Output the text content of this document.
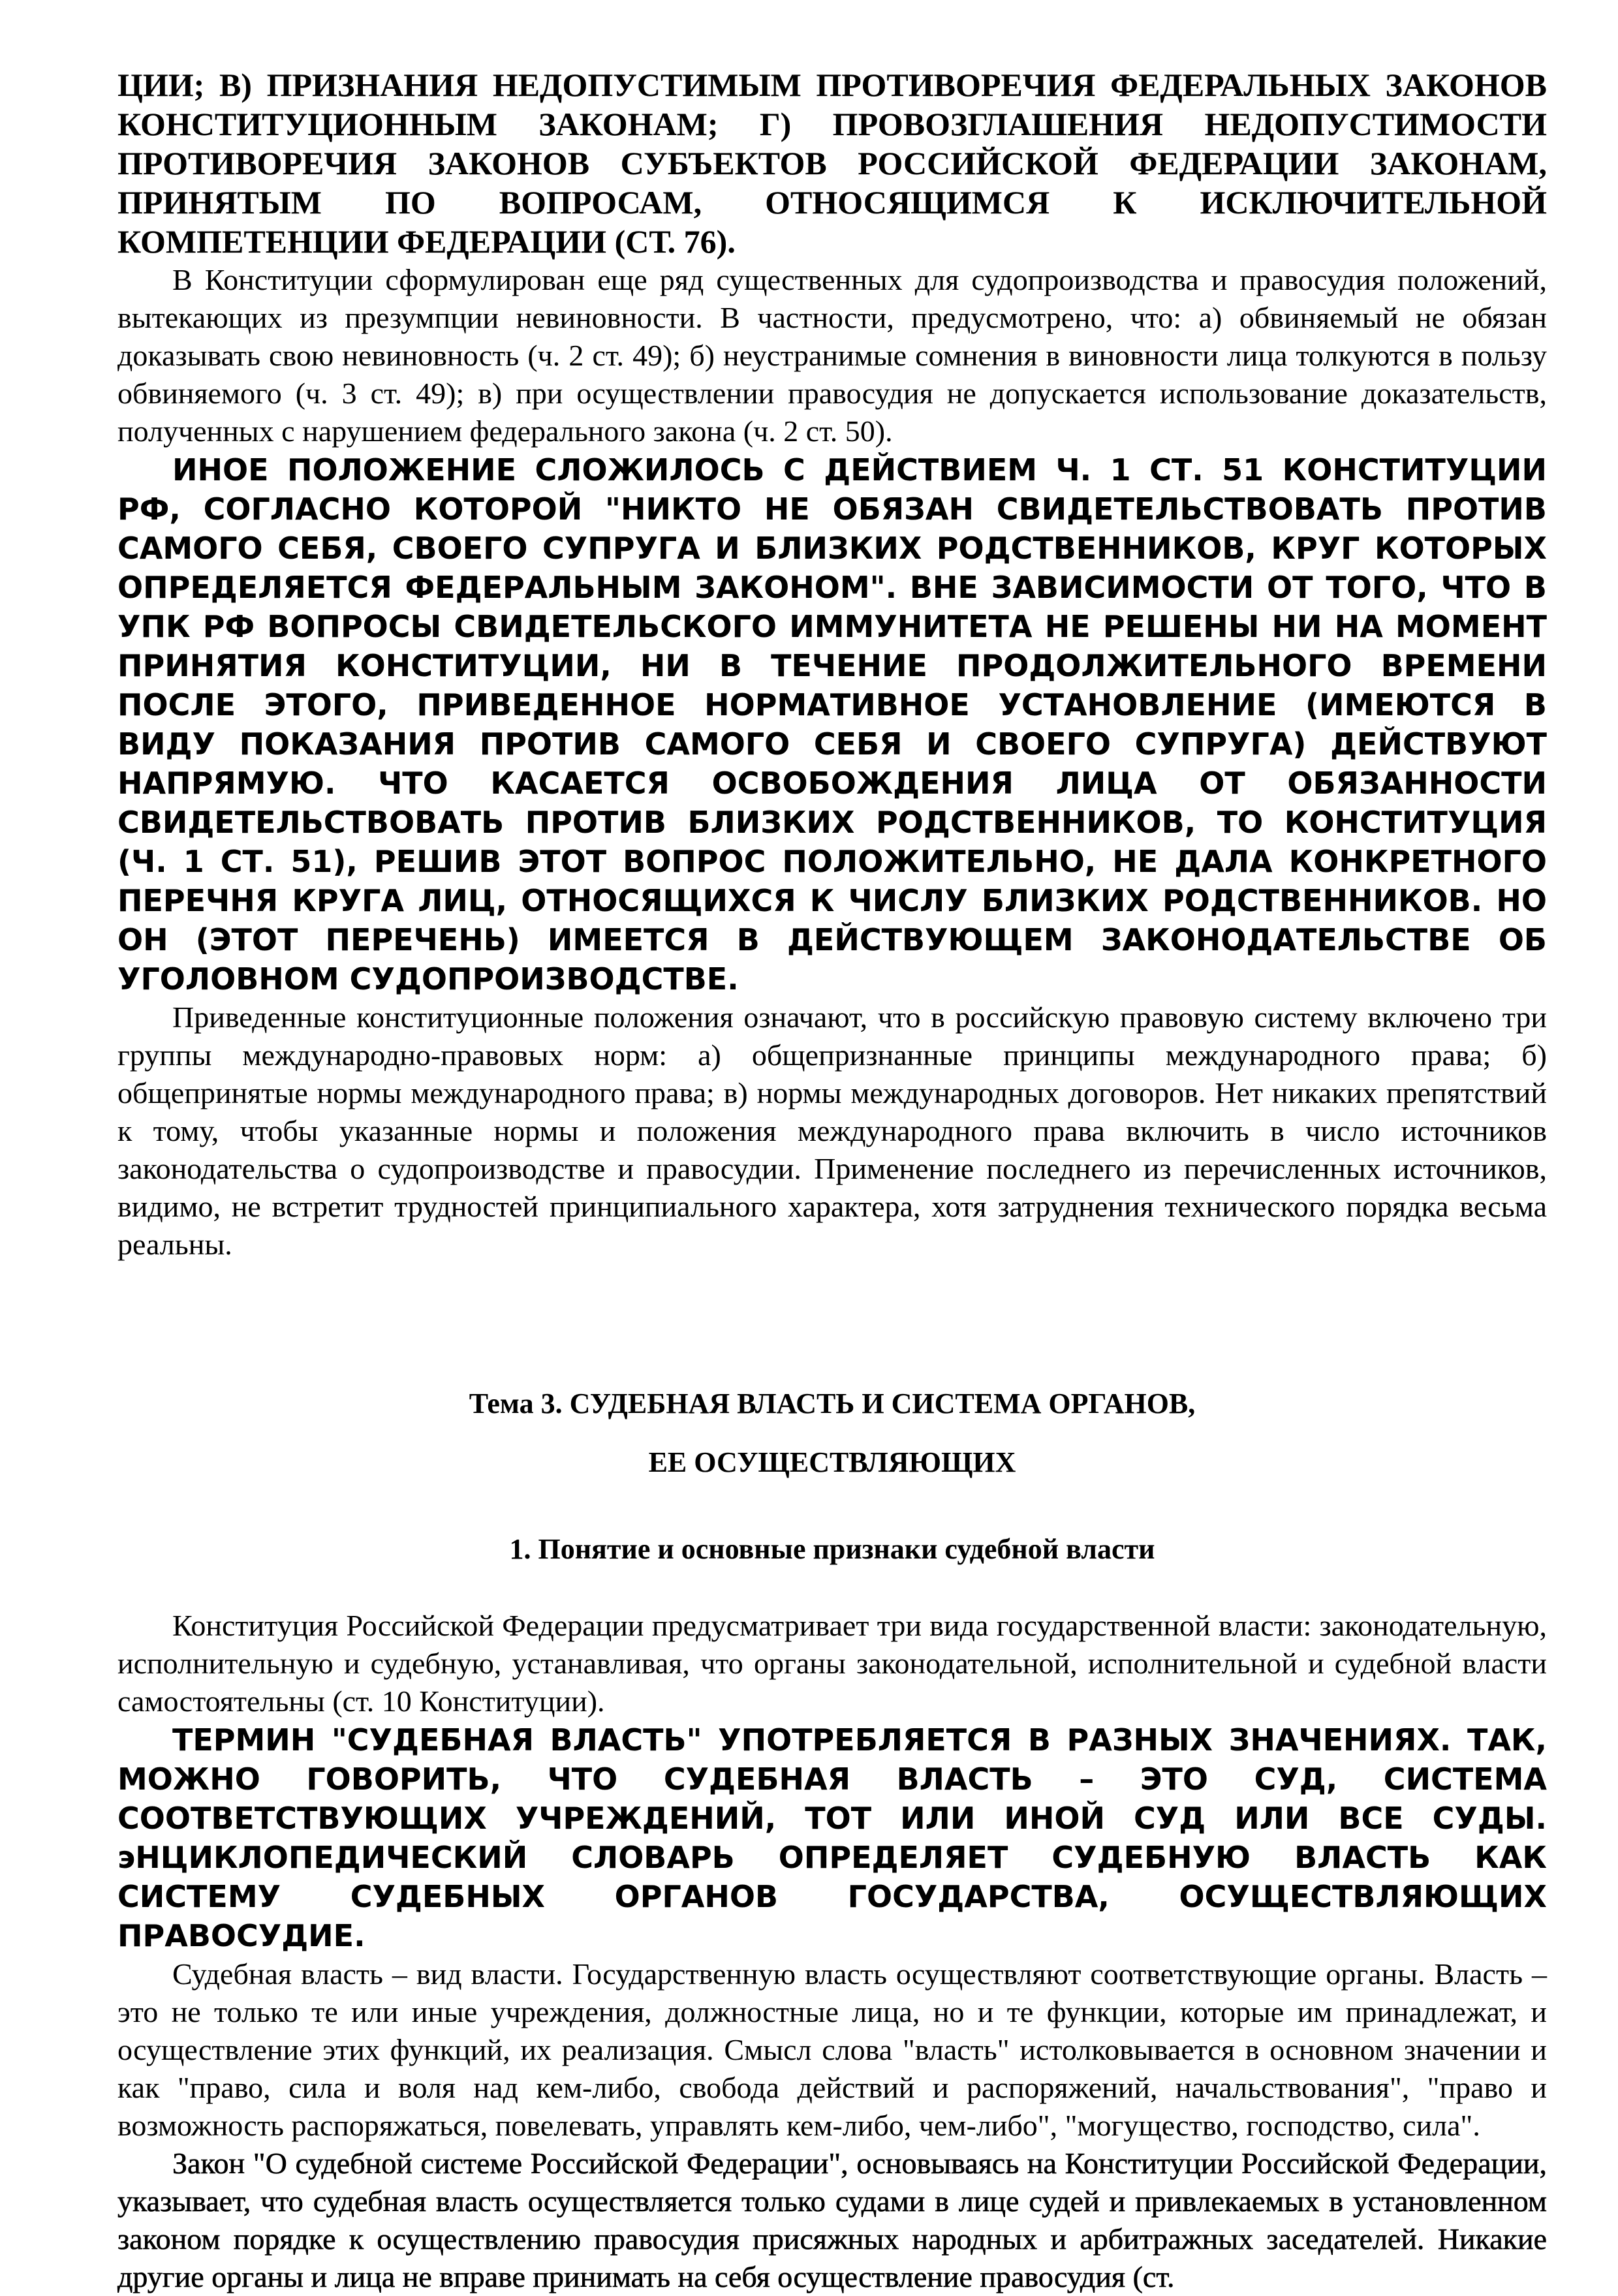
ЦИИ; В) ПРИЗНАНИЯ НЕДОПУСТИМЫМ ПРОТИВОРЕЧИЯ ФЕДЕРАЛЬНЫХ ЗАКОНОВ КОНСТИТУЦИОННЫМ ЗАКОНАМ; Г) ПРОВОЗГЛАШЕНИЯ НЕДОПУСТИМОСТИ ПРОТИВОРЕЧИЯ ЗАКОНОВ СУБЪЕКТОВ РОССИЙСКОЙ ФЕДЕРАЦИИ ЗАКОНАМ, ПРИНЯТЫМ ПО ВОПРОСАМ, ОТНОСЯЩИМСЯ К ИСКЛЮЧИТЕЛЬНОЙ КОМПЕТЕНЦИИ ФЕДЕРАЦИИ (СТ. 76).

В Конституции сформулирован еще ряд существенных для судопроизводства и правосудия положений, вытекающих из презумпции невиновности. В частности, предусмотрено, что: а) обвиняемый не обязан доказывать свою невиновность (ч. 2 ст. 49); б) неустранимые сомнения в виновности лица толкуются в пользу обвиняемого (ч. 3 ст. 49); в) при осуществлении правосудия не допускается использование доказательств, полученных с нарушением федерального закона (ч. 2 ст. 50).

ИНОЕ ПОЛОЖЕНИЕ СЛОЖИЛОСЬ С ДЕЙСТВИЕМ Ч. 1 СТ. 51 КОНСТИТУЦИИ РФ, СОГЛАСНО КОТОРОЙ "НИКТО НЕ ОБЯЗАН СВИДЕТЕЛЬСТВОВАТЬ ПРОТИВ САМОГО СЕБЯ, СВОЕГО СУПРУГА И БЛИЗКИХ РОДСТВЕННИКОВ, КРУГ КОТОРЫХ ОПРЕДЕЛЯЕТСЯ ФЕДЕРАЛЬНЫМ ЗАКОНОМ". ВНЕ ЗАВИСИМОСТИ ОТ ТОГО, ЧТО В УПК РФ ВОПРОСЫ СВИДЕТЕЛЬСКОГО ИММУНИТЕТА НЕ РЕШЕНЫ НИ НА МОМЕНТ ПРИНЯТИЯ КОНСТИТУЦИИ, НИ В ТЕЧЕНИЕ ПРОДОЛЖИТЕЛЬНОГО ВРЕМЕНИ ПОСЛЕ ЭТОГО, ПРИВЕДЕННОЕ НОРМАТИВНОЕ УСТАНОВЛЕНИЕ (ИМЕЮТСЯ В ВИДУ ПОКАЗАНИЯ ПРОТИВ САМОГО СЕБЯ И СВОЕГО СУПРУГА) ДЕЙСТВУЮТ НАПРЯМУЮ. ЧТО КАСАЕТСЯ ОСВОБОЖДЕНИЯ ЛИЦА ОТ ОБЯЗАННОСТИ СВИДЕТЕЛЬСТВОВАТЬ ПРОТИВ БЛИЗКИХ РОДСТВЕННИКОВ, ТО КОНСТИТУЦИЯ (Ч. 1 СТ. 51), РЕШИВ ЭТОТ ВОПРОС ПОЛОЖИТЕЛЬНО, НЕ ДАЛА КОНКРЕТНОГО ПЕРЕЧНЯ КРУГА ЛИЦ, ОТНОСЯЩИХСЯ К ЧИСЛУ БЛИЗКИХ РОДСТВЕННИКОВ. НО ОН (ЭТОТ ПЕРЕЧЕНЬ) ИМЕЕТСЯ В ДЕЙСТВУЮЩЕМ ЗАКОНОДАТЕЛЬСТВЕ ОБ УГОЛОВНОМ СУДОПРОИЗВОДСТВЕ.

Приведенные конституционные положения означают, что в российскую правовую систему включено три группы международно-правовых норм: а) общепризнанные принципы международного права; б) общепринятые нормы международного права; в) нормы международных договоров. Нет никаких препятствий к тому, чтобы указанные нормы и положения международного права включить в число источников законодательства о судопроизводстве и правосудии. Применение последнего из перечисленных источников, видимо, не встретит трудностей принципиального характера, хотя затруднения технического порядка весьма реальны.

Тема 3. СУДЕБНАЯ ВЛАСТЬ И СИСТЕМА ОРГАНОВ,

ЕЕ ОСУЩЕСТВЛЯЮЩИХ

1. Понятие и основные признаки судебной власти

Конституция Российской Федерации предусматривает три вида государственной власти: законодательную, исполнительную и судебную, устанавливая, что органы законодательной, исполнительной и судебной власти самостоятельны (ст. 10 Конституции).

ТЕРМИН "СУДЕБНАЯ ВЛАСТЬ" УПОТРЕБЛЯЕТСЯ В РАЗНЫХ ЗНАЧЕНИЯХ. ТАК, МОЖНО ГОВОРИТЬ, ЧТО СУДЕБНАЯ ВЛАСТЬ – ЭТО СУД, СИСТЕМА СООТВЕТСТВУЮЩИХ УЧРЕЖДЕНИЙ, ТОТ ИЛИ ИНОЙ СУД ИЛИ ВСЕ СУДЫ. эНЦИКЛОПЕДИЧЕСКИЙ СЛОВАРЬ ОПРЕДЕЛЯЕТ СУДЕБНУЮ ВЛАСТЬ КАК СИСТЕМУ СУДЕБНЫХ ОРГАНОВ ГОСУДАРСТВА, ОСУЩЕСТВЛЯЮЩИХ ПРАВОСУДИЕ.

Судебная власть – вид власти. Государственную власть осуществляют соответствующие органы. Власть – это не только те или иные учреждения, должностные лица, но и те функции, которые им принадлежат, и осуществление этих функций, их реализация. Смысл слова "власть" истолковывается в основном значении и как "право, сила и воля над кем-либо, свобода действий и распоряжений, начальствования", "право и возможность распоряжаться, повелевать, управлять кем-либо, чем-либо", "могущество, господство, сила".

Закон "О судебной системе Российской Федерации", основываясь на Конституции Российской Федерации, указывает, что судебная власть осуществляется только судами в лице судей и привлекаемых в установленном законом порядке к осуществлению правосудия присяжных народных и арбитражных заседателей. Никакие другие органы и лица не вправе принимать на себя осуществление правосудия (ст.
